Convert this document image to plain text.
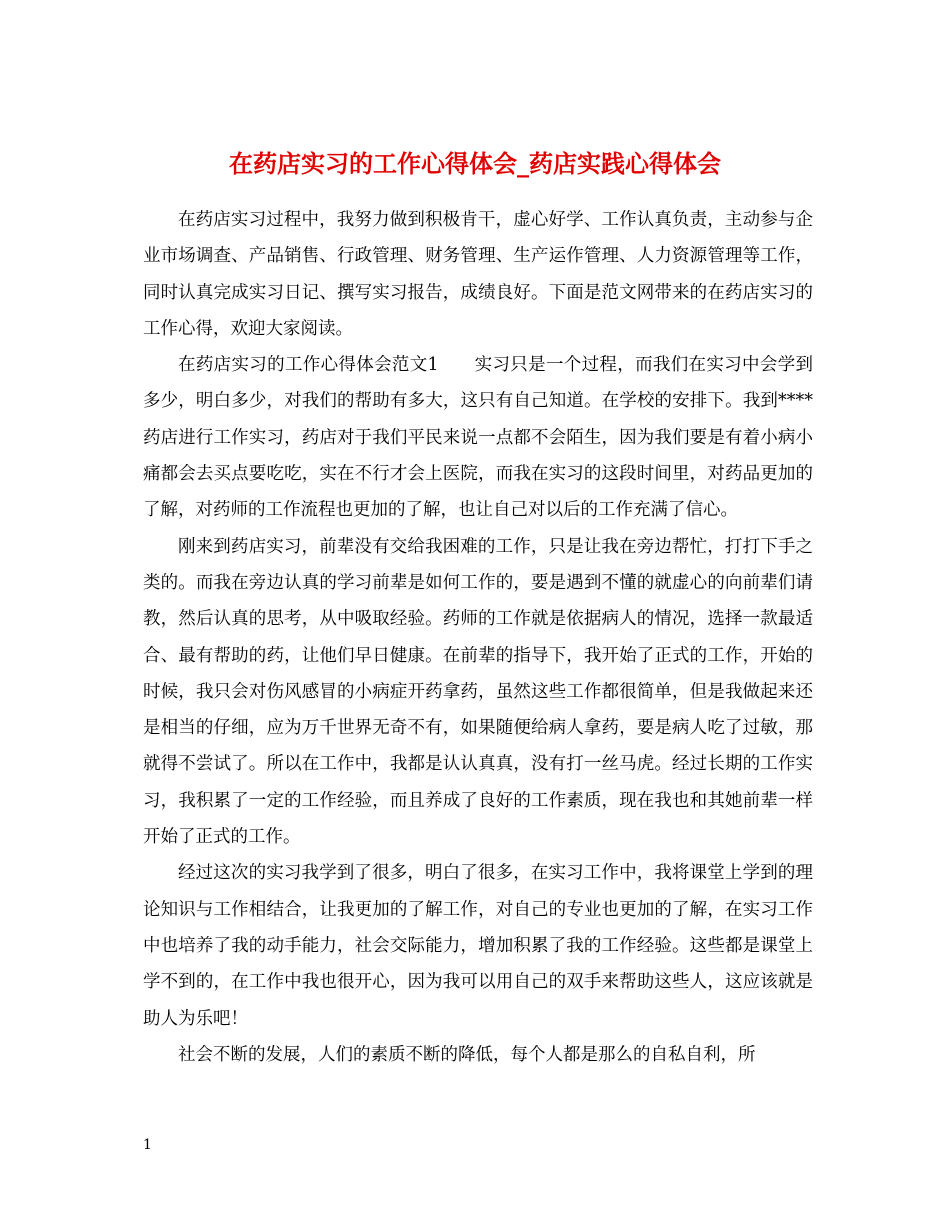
在药店实习的工作心得体会_药店实践心得体会

在药店实习过程中，我努力做到积极肯干，虚心好学、工作认真负责，主动参与企业市场调查、产品销售、行政管理、财务管理、生产运作管理、人力资源管理等工作，同时认真完成实习日记、撰写实习报告，成绩良好。下面是范文网带来的在药店实习的工作心得，欢迎大家阅读。

在药店实习的工作心得体会范文1　　实习只是一个过程，而我们在实习中会学到多少，明白多少，对我们的帮助有多大，这只有自己知道。在学校的安排下。我到****药店进行工作实习，药店对于我们平民来说一点都不会陌生，因为我们要是有着小病小痛都会去买点要吃吃，实在不行才会上医院，而我在实习的这段时间里，对药品更加的了解，对药师的工作流程也更加的了解，也让自己对以后的工作充满了信心。

刚来到药店实习，前辈没有交给我困难的工作，只是让我在旁边帮忙，打打下手之类的。而我在旁边认真的学习前辈是如何工作的，要是遇到不懂的就虚心的向前辈们请教，然后认真的思考，从中吸取经验。药师的工作就是依据病人的情况，选择一款最适合、最有帮助的药，让他们早日健康。在前辈的指导下，我开始了正式的工作，开始的时候，我只会对伤风感冒的小病症开药拿药，虽然这些工作都很简单，但是我做起来还是相当的仔细，应为万千世界无奇不有，如果随便给病人拿药，要是病人吃了过敏，那就得不尝试了。所以在工作中，我都是认认真真，没有打一丝马虎。经过长期的工作实习，我积累了一定的工作经验，而且养成了良好的工作素质，现在我也和其她前辈一样开始了正式的工作。

经过这次的实习我学到了很多，明白了很多，在实习工作中，我将课堂上学到的理论知识与工作相结合，让我更加的了解工作，对自己的专业也更加的了解，在实习工作中也培养了我的动手能力，社会交际能力，增加积累了我的工作经验。这些都是课堂上学不到的，在工作中我也很开心，因为我可以用自己的双手来帮助这些人，这应该就是助人为乐吧！

社会不断的发展，人们的素质不断的降低，每个人都是那么的自私自利，所

1
